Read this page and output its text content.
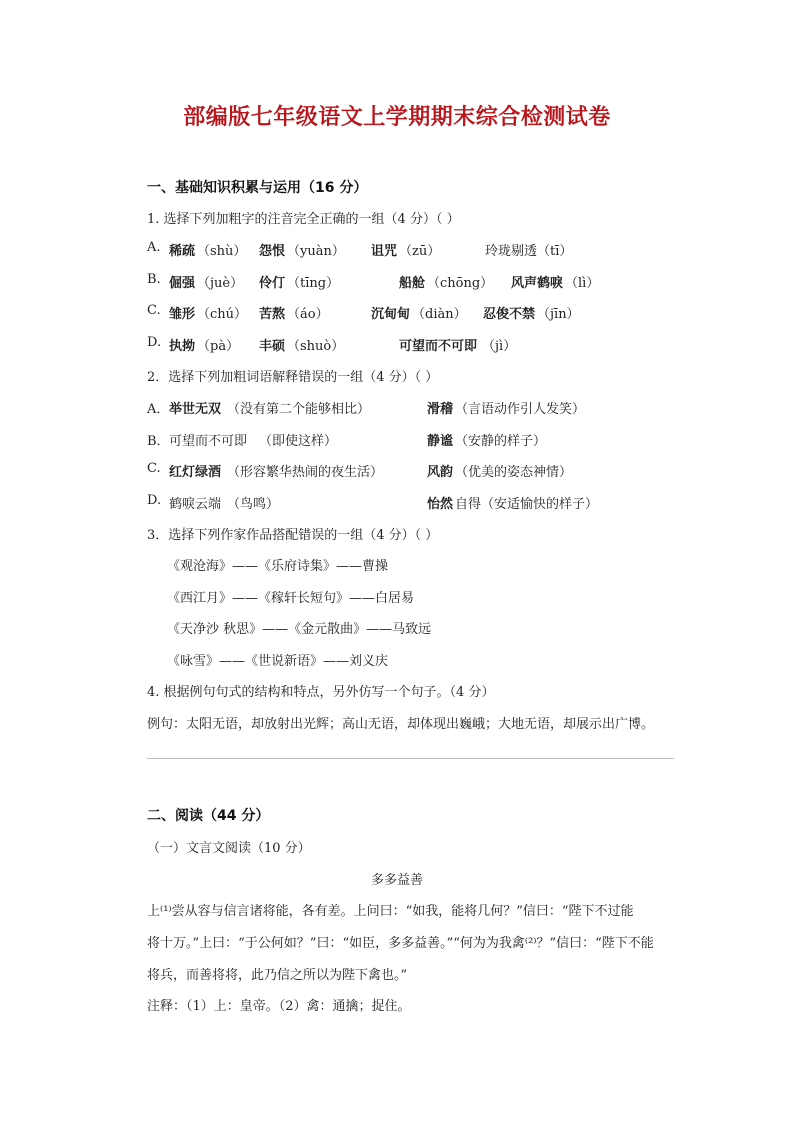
部编版七年级语文上学期期末综合检测试卷
一、基础知识积累与运用（16 分）
1. 选择下列加粗字的注音完全正确的一组（4 分）（ ）
A. 稀疏 （shù） 怨恨 （yuàn） 诅咒 （zū）	玲珑剔透 （tī）
B. 倔强 （juè） 伶仃 （tīng）	船舱 （chōng） 风声鹤唳 （lì）
C. 雏形 （chú） 苦熬 （áo）	沉甸甸 （diàn） 忍俊不禁 （jīn）
D. 执拗 （pà） 丰硕 （shuò）	可望而不可即 （jì）
2．选择下列加粗词语解释错误的一组（4 分）（ ）
A． 举世无双 （没有第二个能够相比）	滑稽 （言语动作引人发笑）
B． 可望而不可即 （即使这样）	静谧 （安静的样子）
C. 红灯绿酒 （形容繁华热闹的夜生活）	风韵 （优美的姿态神情）
D. 鹤唳云端 （鸟鸣）	怡然 自得（安适愉快的样子）
3．选择下列作家作品搭配错误的一组（4 分）（ ）
《观沧海》——《乐府诗集》——曹操
《西江月》——《稼轩长短句》——白居易
《天净沙 秋思》——《金元散曲》——马致远
《咏雪》——《世说新语》——刘义庆
4. 根据例句句式的结构和特点，另外仿写一个句子。（4 分）
例句：太阳无语，却放射出光辉；高山无语，却体现出巍峨；大地无语，却展示出广博。
二、阅读（44 分）
（一）文言文阅读（10 分）
多多益善
上⁽¹⁾尝从容与信言诸将能，各有差。上问曰：“如我，能将几何？”信曰：“陛下不过能
将十万。”上曰：“于公何如？”曰：“如臣，多多益善。”“何为为我禽⁽²⁾？”信曰：“陛下不能
将兵，而善将将，此乃信之所以为陛下禽也。”
注释：（1）上：皇帝。（2）禽：通擒；捉住。
